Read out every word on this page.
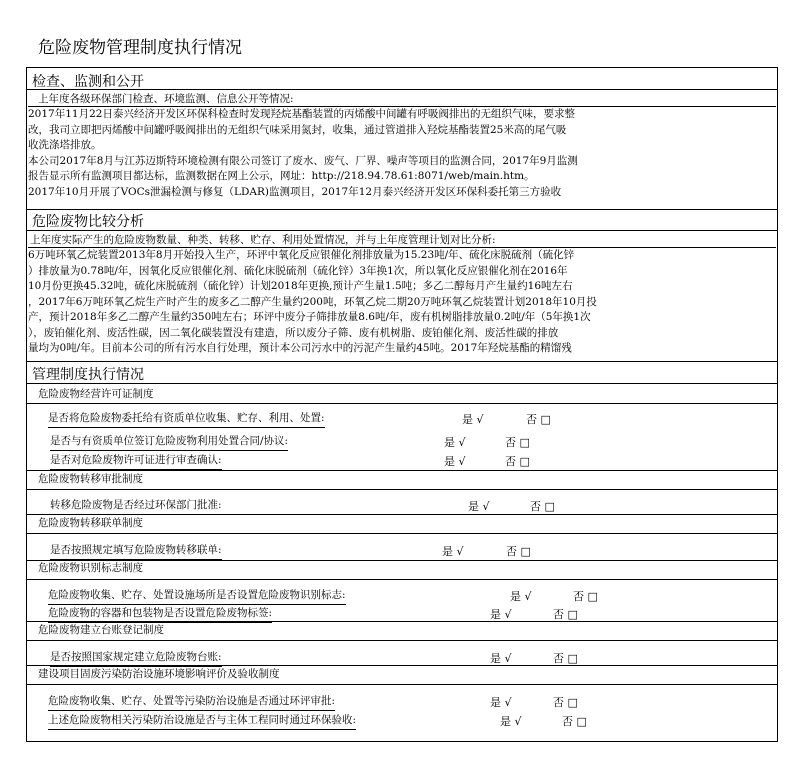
危险废物管理制度执行情况
检查、监测和公开
上年度各级环保部门检查、环境监测、信息公开等情况:

2017年11月22日泰兴经济开发区环保科检查时发现羟烷基酯装置的丙烯酸中间罐有呼吸阀排出的无组织气味，要求整

改，我司立即把丙烯酸中间罐呼吸阀排出的无组织气味采用氮封，收集，通过管道排入羟烷基酯装置25米高的尾气吸

收洗涤塔排放。

本公司2017年8月与江苏迈斯特环境检测有限公司签订了废水、废气、厂界、噪声等项目的监测合同，2017年9月监测

报告显示所有监测项目都达标，监测数据在网上公示，网址：http://218.94.78.61:8071/web/main.htm。

2017年10月开展了VOCs泄漏检测与修复（LDAR)监测项目，2017年12月泰兴经济开发区环保科委托第三方验收

危险废物比较分析
上年度实际产生的危险废物数量、种类、转移、贮存、利用处置情况，并与上年度管理计划对比分析:

6万吨环氧乙烷装置2013年8月开始投入生产，环评中氧化反应银催化剂排放量为15.23吨/年、硫化床脱硫剂（硫化锌

）排放量为0.78吨/年，因氧化反应银催化剂、硫化床脱硫剂（硫化锌）3年换1次，所以氧化反应银催化剂在2016年

10月份更换45.32吨，硫化床脱硫剂（硫化锌）计划2018年更换,预计产生量1.5吨；多乙二醇每月产生量约16吨左右

，2017年6万吨环氧乙烷生产时产生的废多乙二醇产生量约200吨，环氧乙烷二期20万吨环氧乙烷装置计划2018年10月投

产，预计2018年多乙二醇产生量约350吨左右；环评中废分子筛排放量8.6吨/年，废有机树脂排放量0.2吨/年（5年换1次

），废铂催化剂、废活性碳，因二氧化碳装置没有建造，所以废分子筛、废有机树脂、废铂催化剂、废活性碳的排放

量均为0吨/年。目前本公司的所有污水自行处理，预计本公司污水中的污泥产生量约45吨。2017年羟烷基酯的精馏残

管理制度执行情况
危险废物经营许可证制度
是否将危险废物委托给有资质单位收集、贮存、利用、处置:	是 √	否 □
是否与有资质单位签订危险废物利用处置合同/协议:	是 √	否 □
是否对危险废物许可证进行审查确认:	是 √	否 □
危险废物转移审批制度
转移危险废物是否经过环保部门批准:	是 √	否 □
危险废物转移联单制度
是否按照规定填写危险废物转移联单:	是 √	否 □
危险废物识别标志制度
危险废物收集、贮存、处置设施场所是否设置危险废物识别标志:	是 √	否 □
危险废物的容器和包装物是否设置危险废物标签:	是 √	否 □
危险废物建立台账登记制度
是否按照国家规定建立危险废物台账:	是 √	否 □
建设项目固废污染防治设施环境影响评价及验收制度
危险废物收集、贮存、处置等污染防治设施是否通过环评审批:	是 √	否 □
上述危险废物相关污染防治设施是否与主体工程同时通过环保验收:	是 √	否 □
